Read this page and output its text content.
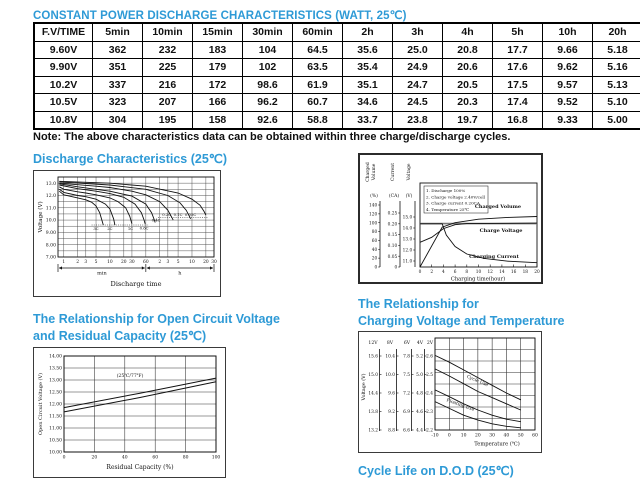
CONSTANT POWER DISCHARGE CHARACTERISTICS (WATT, 25℃)
F.V/TIME	5min	10min	15min	30min	60min	2h	3h	4h	5h	10h	20h
9.60V	362	232	183	104	64.5	35.6	25.0	20.8	17.7	9.66	5.18
9.90V	351	225	179	102	63.5	35.4	24.9	20.6	17.6	9.62	5.16
10.2V	337	216	172	98.6	61.9	35.1	24.7	20.5	17.5	9.57	5.13
10.5V	323	207	166	96.2	60.7	34.6	24.5	20.3	17.4	9.52	5.10
10.8V	304	195	158	92.6	58.8	33.7	23.8	19.7	16.8	9.33	5.00
Note: The above characteristics data can be obtained within three charge/discharge cycles.
Discharge Characteristics (25℃)
13.0
12.0
11.0
10.0
9.00
8.00
7.00
Voltage (V)
1	2 3 5 10 20 30 60 2 3 5 10 20 30
min	h
Discharge time
3C 2C	1C 0.6C
0.4C
0.2C 0.1C 0.05C
Charged Volume
(%)
0
20
40
60
80
100
120
140
Current
(CA)
0
0.05
0.10
0.15
0.20
0.25
Voltage
(V)
11.0
12.0
13.0
14.0
15.0
0 2 4 6 8 10 12 14 16 18 20
Charging time(hour)
1. Discharge 100%
2. Charge voltage 2.40V/cell
3. Charge current 0.20CA
4. Temperature 25℃ Charged Volume
Charge Voltage
Charging Current
The Relationship for Open Circuit Voltage
and Residual Capacity (25℃)
14.00
13.50
13.00
12.50
12.00
11.50
11.00
10.50
10.00
0	20	40	60	80	100
Open Circuit Voltage (V)
Residual Capacity (%)
(25℃/77℉)
The Relationship for
Charging Voltage and Temperature
12V 8V 6V 4V 2V
15.6
15.0
14.4
13.8
13.2
10.4
10.0
9.6
9.2
8.8
7.8
7.5
7.2
6.9
6.6
5.2
5.0
4.8
4.6
4.4
2.6
2.5
2.4
2.3
2.2
Voltage (V)
-10 0 10 20 30 40 50 60
Temperature (℃)
Cycle Use
Floating Use
Cycle Life on D.O.D (25℃)
